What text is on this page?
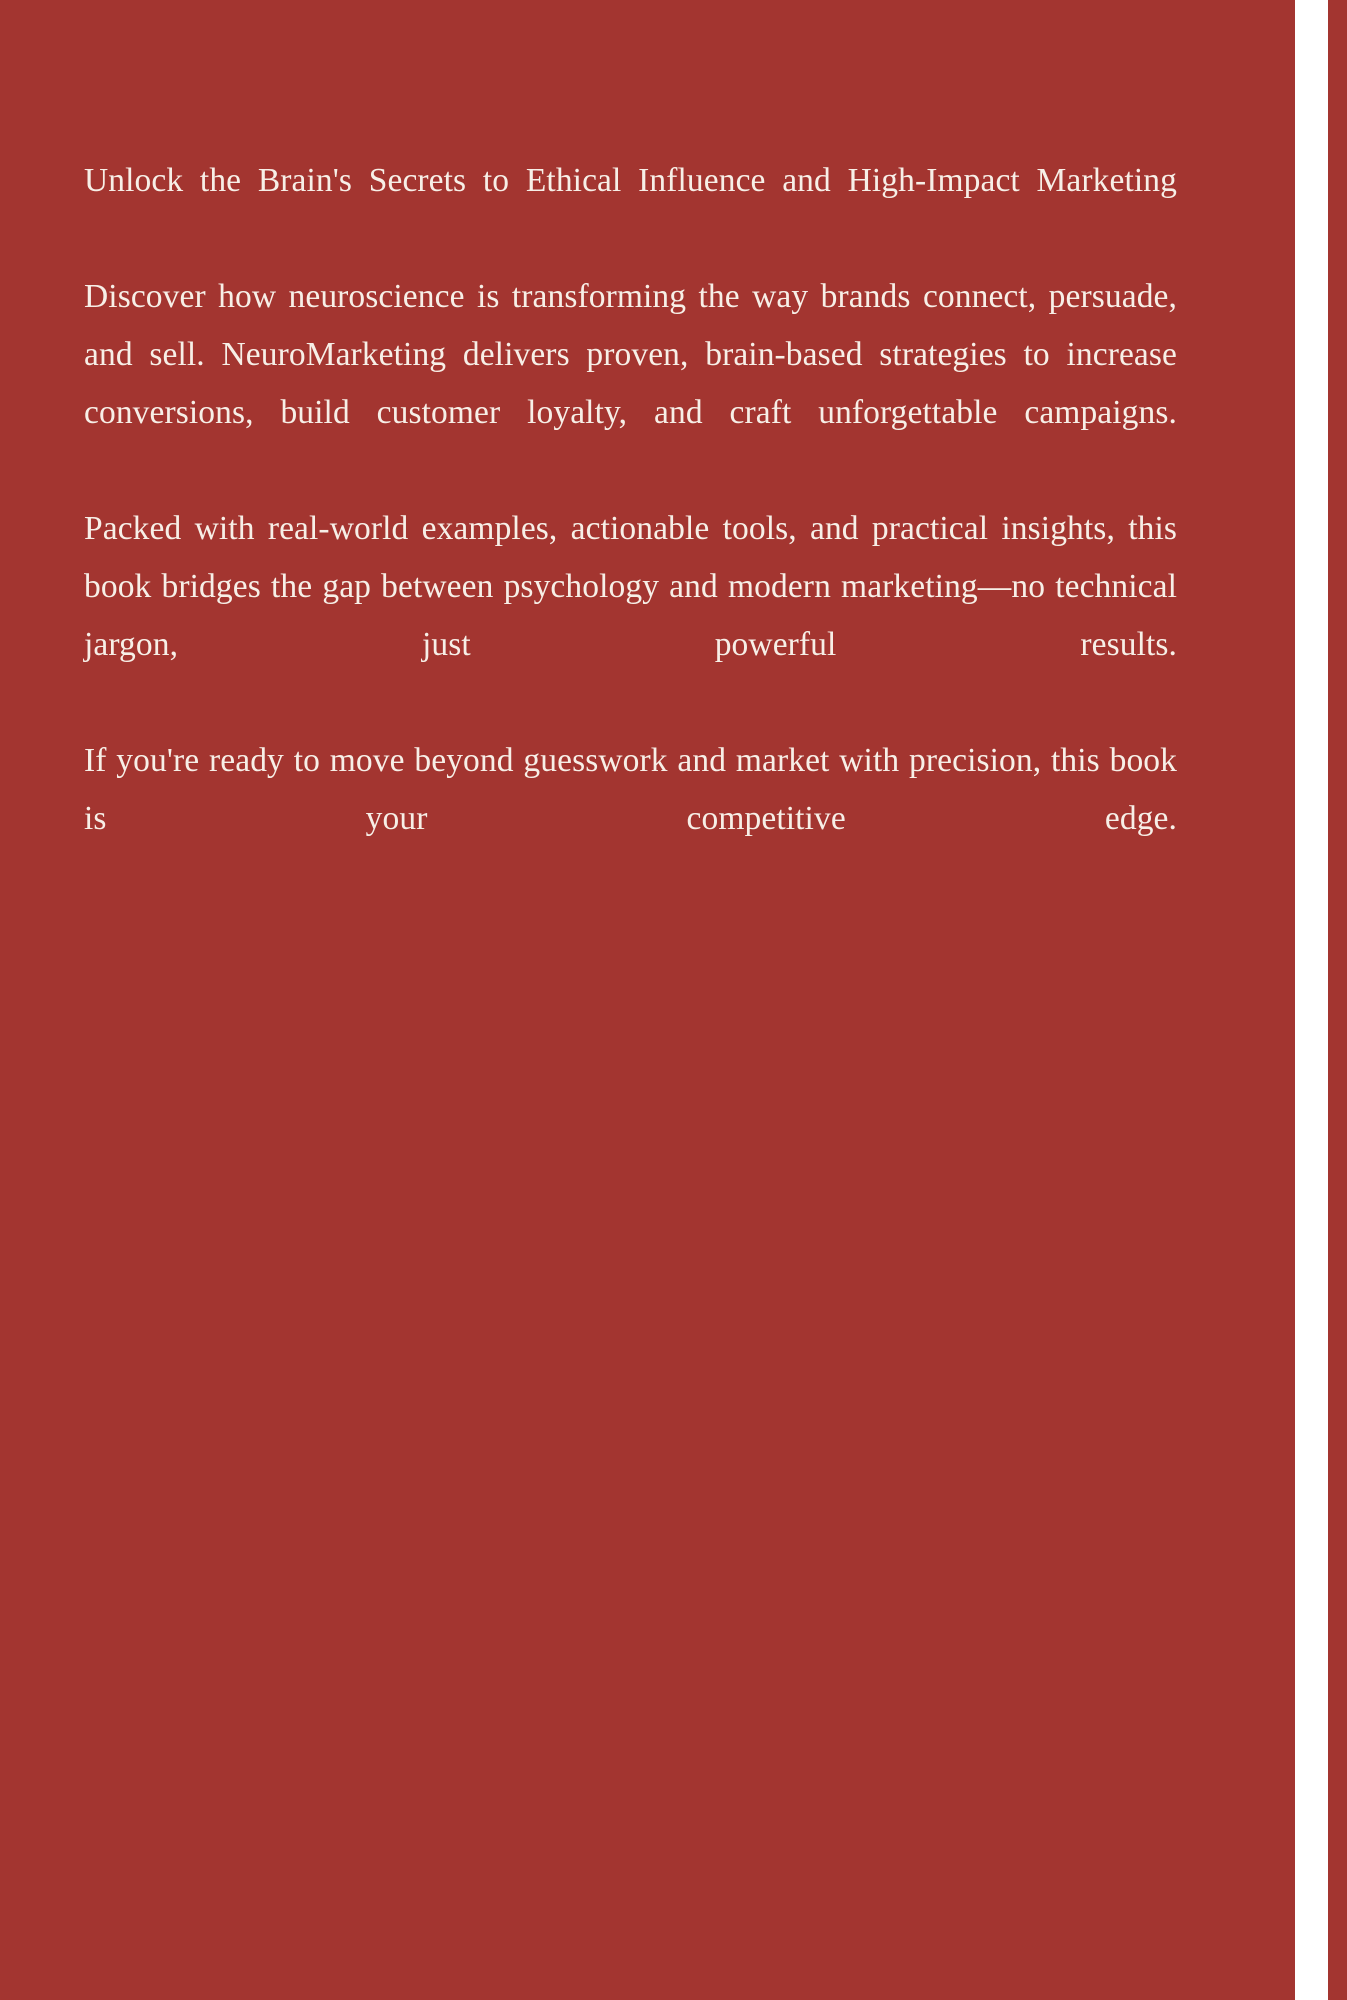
Unlock the Brain's Secrets to Ethical Influence and High-Impact Marketing

Discover how neuroscience is transforming the way brands connect, persuade, and sell. NeuroMarketing delivers proven, brain-based strategies to increase conversions, build customer loyalty, and craft unforgettable campaigns.

Packed with real-world examples, actionable tools, and practical insights, this book bridges the gap between psychology and modern marketing—no technical jargon, just powerful results.

If you're ready to move beyond guesswork and market with precision, this book is your competitive edge.
